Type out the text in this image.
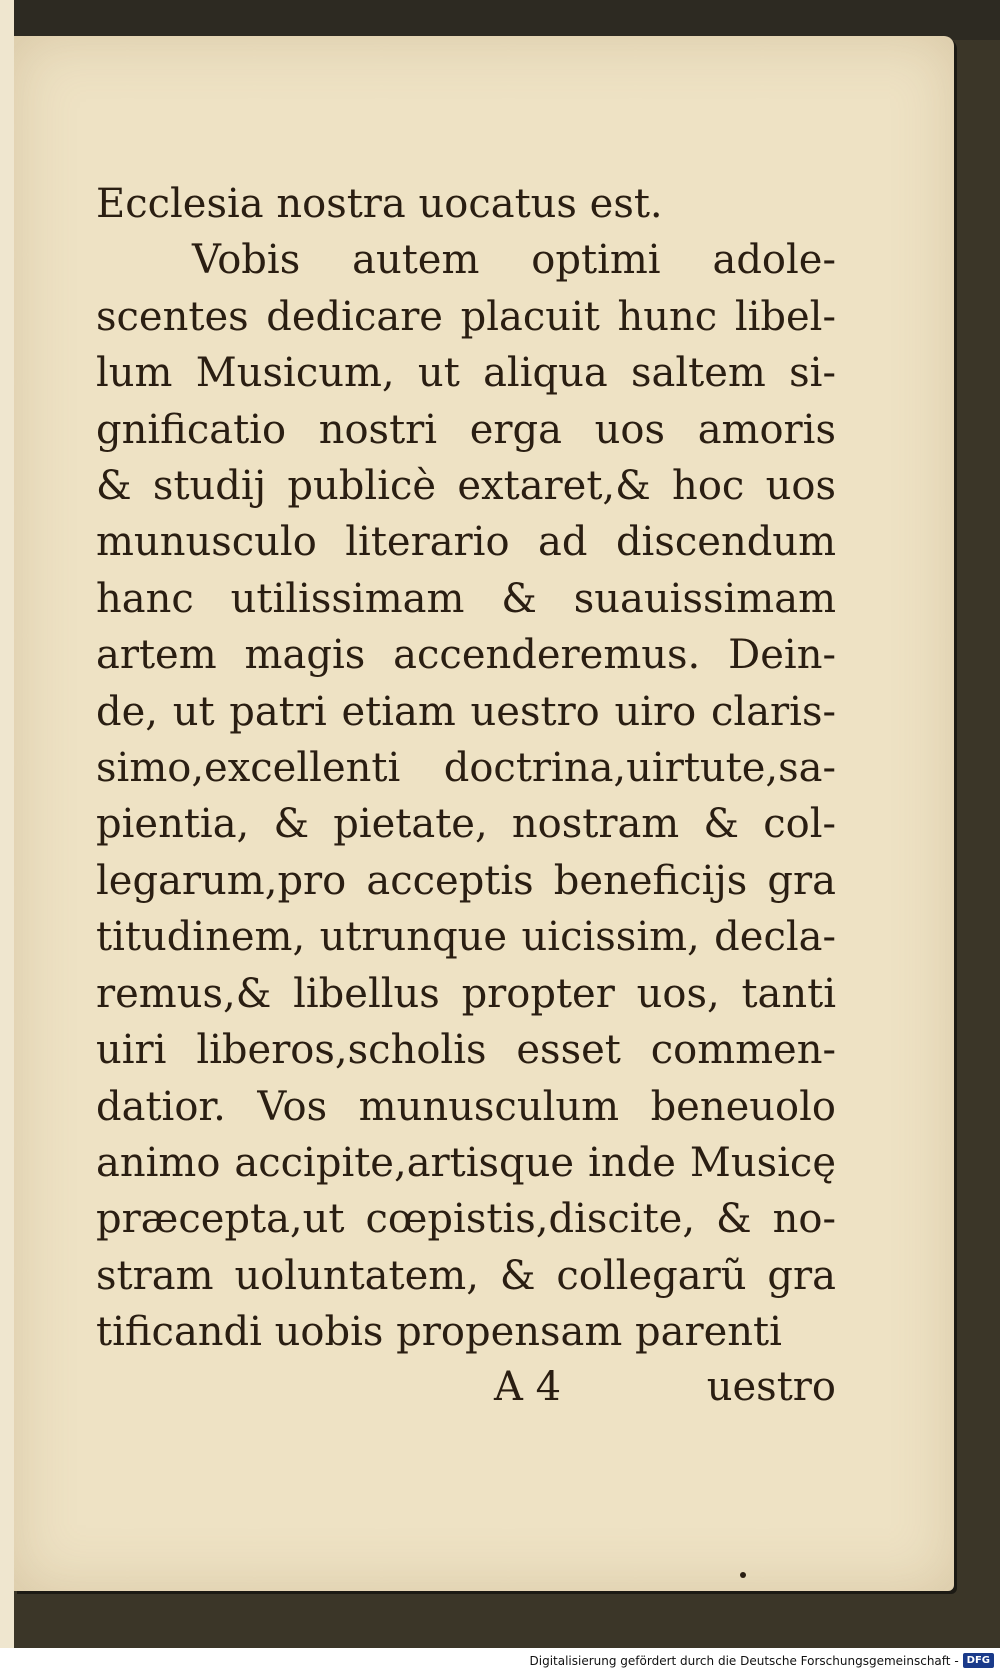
Ecclesia nostra uocatus est.
Vobis autem optimi adole-
scentes dedicare placuit hunc libel-
lum Musicum, ut aliqua saltem si-
gnificatio nostri erga uos amoris
& studij publicè extaret,& hoc uos
munusculo literario ad discendum
hanc utilissimam & suauissimam
artem magis accenderemus. Dein-
de, ut patri etiam uestro uiro claris-
simo,excellenti doctrina,uirtute,sa-
pientia, & pietate, nostram & col-
legarum,pro acceptis beneficijs gra
titudinem, utrunque uicissim, decla-
remus,& libellus propter uos, tanti
uiri liberos,scholis esset commen-
datior. Vos munusculum beneuolo
animo accipite,artisque inde Musicę
præcepta,ut cœpistis,discite, & no-
stram uoluntatem, & collegarũ gra
tificandi uobis propensam parenti
A 4	uestro
Digitalisierung gefördert durch die Deutsche Forschungsgemeinschaft - DFG
